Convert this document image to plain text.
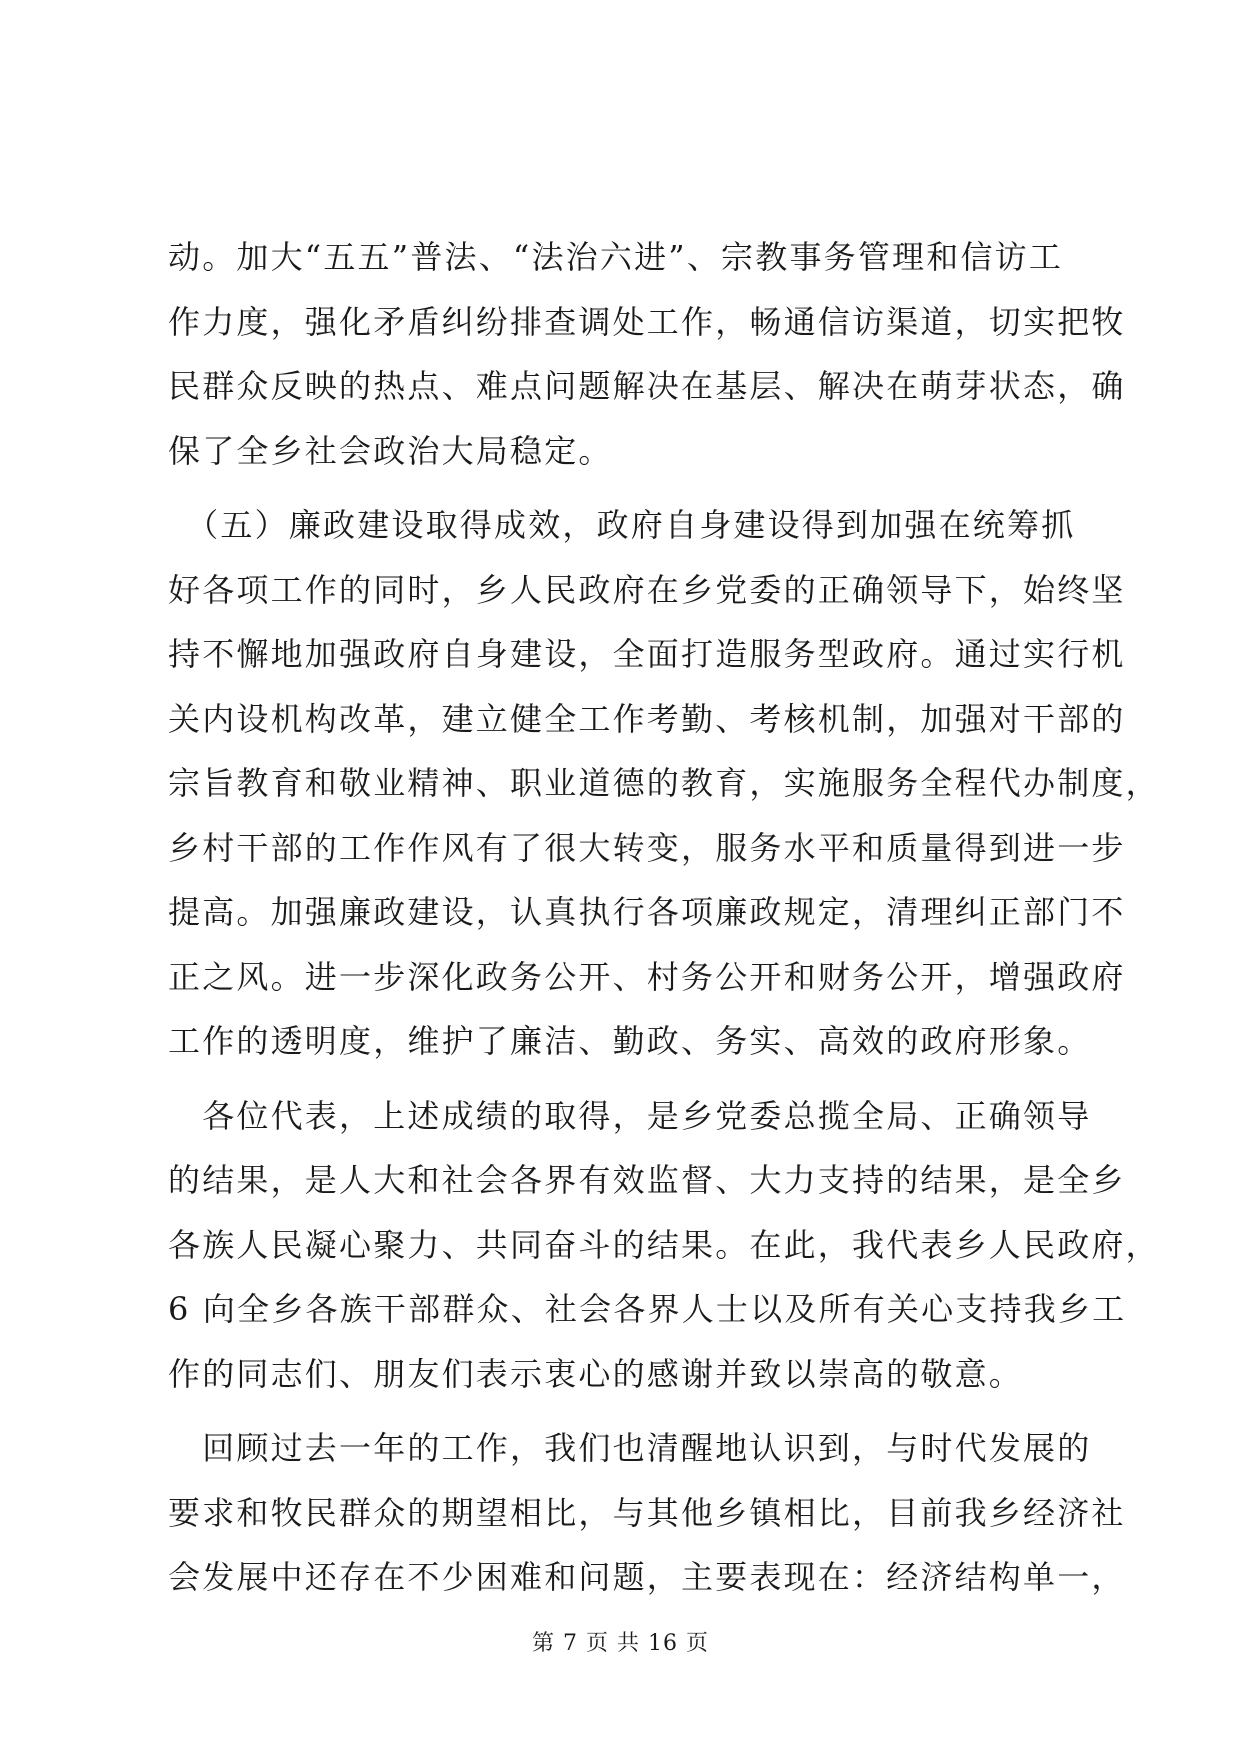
动。加大“五五”普法、“法治六进”、宗教事务管理和信访工
作力度，强化矛盾纠纷排查调处工作，畅通信访渠道，切实把牧
民群众反映的热点、难点问题解决在基层、解决在萌芽状态，确
保了全乡社会政治大局稳定。
　（五）廉政建设取得成效，政府自身建设得到加强在统筹抓
好各项工作的同时，乡人民政府在乡党委的正确领导下，始终坚
持不懈地加强政府自身建设，全面打造服务型政府。通过实行机
关内设机构改革，建立健全工作考勤、考核机制，加强对干部的
宗旨教育和敬业精神、职业道德的教育，实施服务全程代办制度，
乡村干部的工作作风有了很大转变，服务水平和质量得到进一步
提高。加强廉政建设，认真执行各项廉政规定，清理纠正部门不
正之风。进一步深化政务公开、村务公开和财务公开，增强政府
工作的透明度，维护了廉洁、勤政、务实、高效的政府形象。
　各位代表，上述成绩的取得，是乡党委总揽全局、正确领导
的结果，是人大和社会各界有效监督、大力支持的结果，是全乡
各族人民凝心聚力、共同奋斗的结果。在此，我代表乡人民政府，
6 向全乡各族干部群众、社会各界人士以及所有关心支持我乡工
作的同志们、朋友们表示衷心的感谢并致以崇高的敬意。
　回顾过去一年的工作，我们也清醒地认识到，与时代发展的
要求和牧民群众的期望相比，与其他乡镇相比，目前我乡经济社
会发展中还存在不少困难和问题，主要表现在：经济结构单一，
第 7 页 共 16 页
